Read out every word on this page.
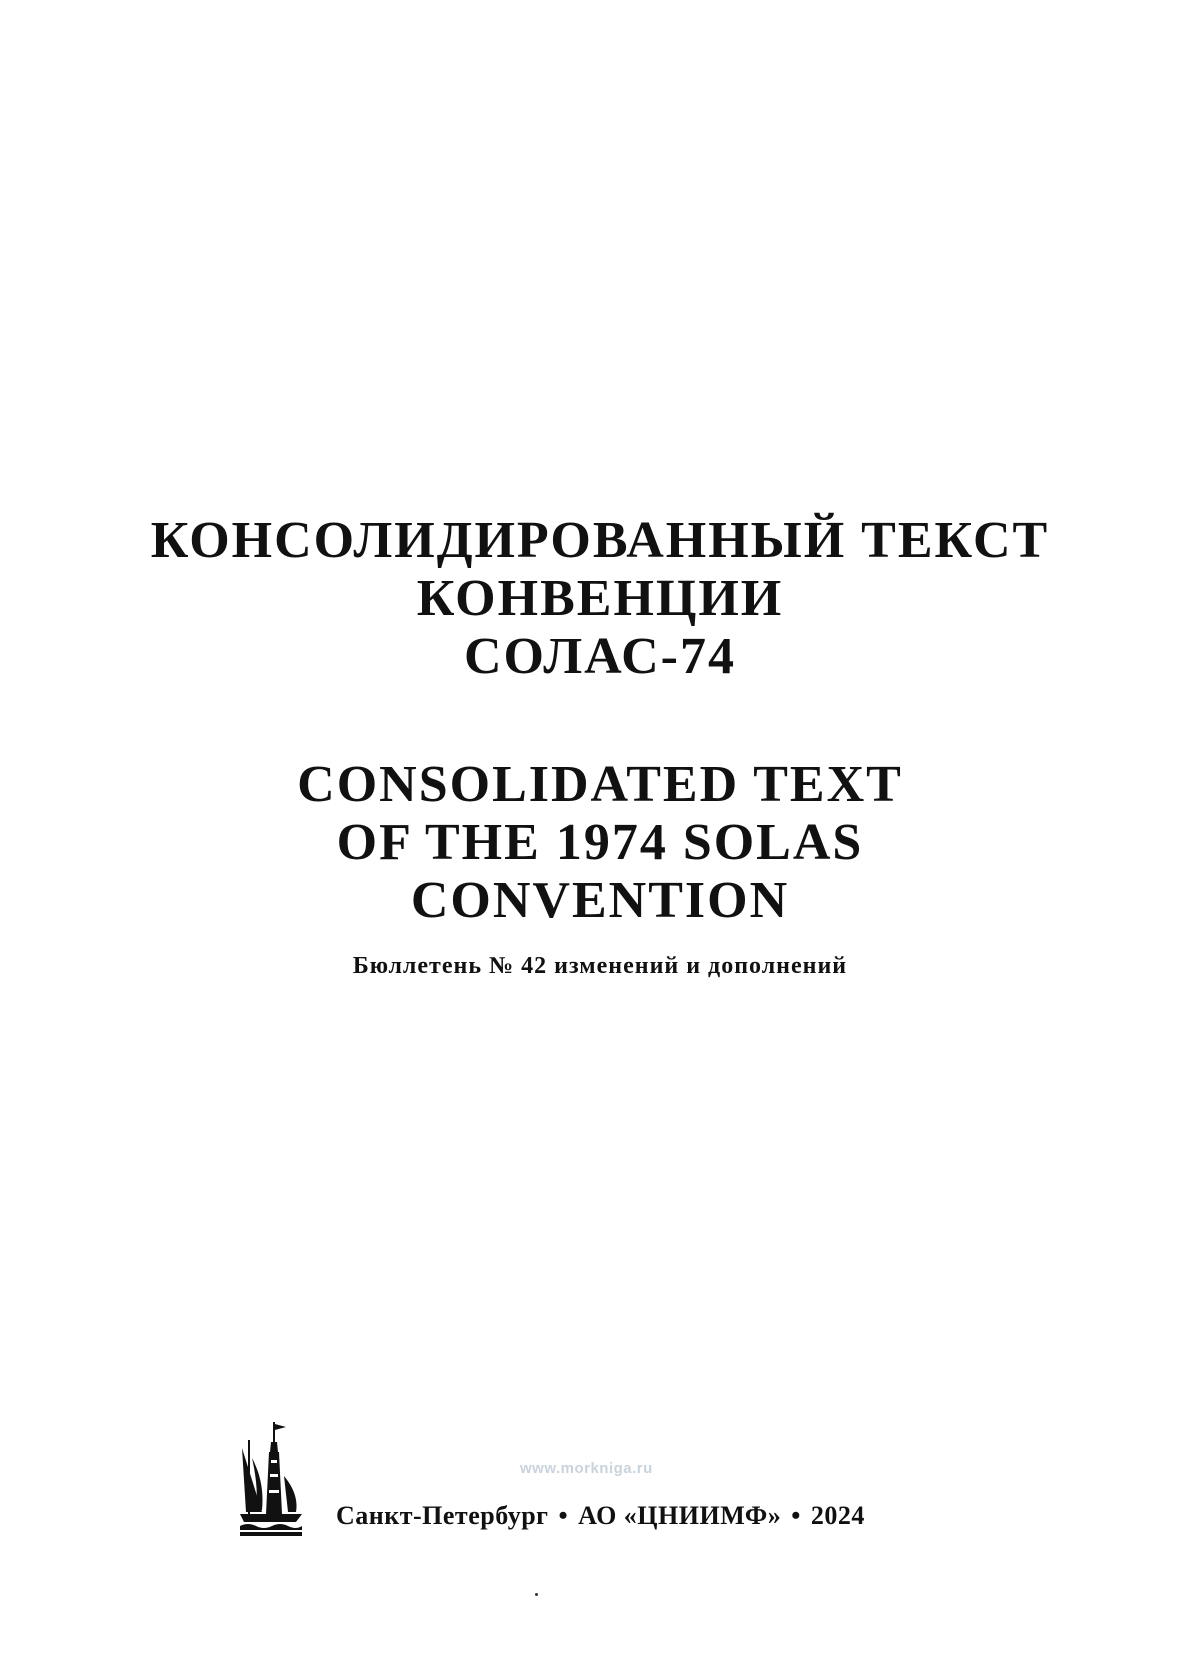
КОНСОЛИДИРОВАННЫЙ ТЕКСТ
КОНВЕНЦИИ
СОЛАС-74
CONSOLIDATED TEXT
OF THE 1974 SOLAS
CONVENTION
Бюллетень № 42 изменений и дополнений
www.morkniga.ru
Санкт-Петербург • АО «ЦНИИМФ» • 2024
